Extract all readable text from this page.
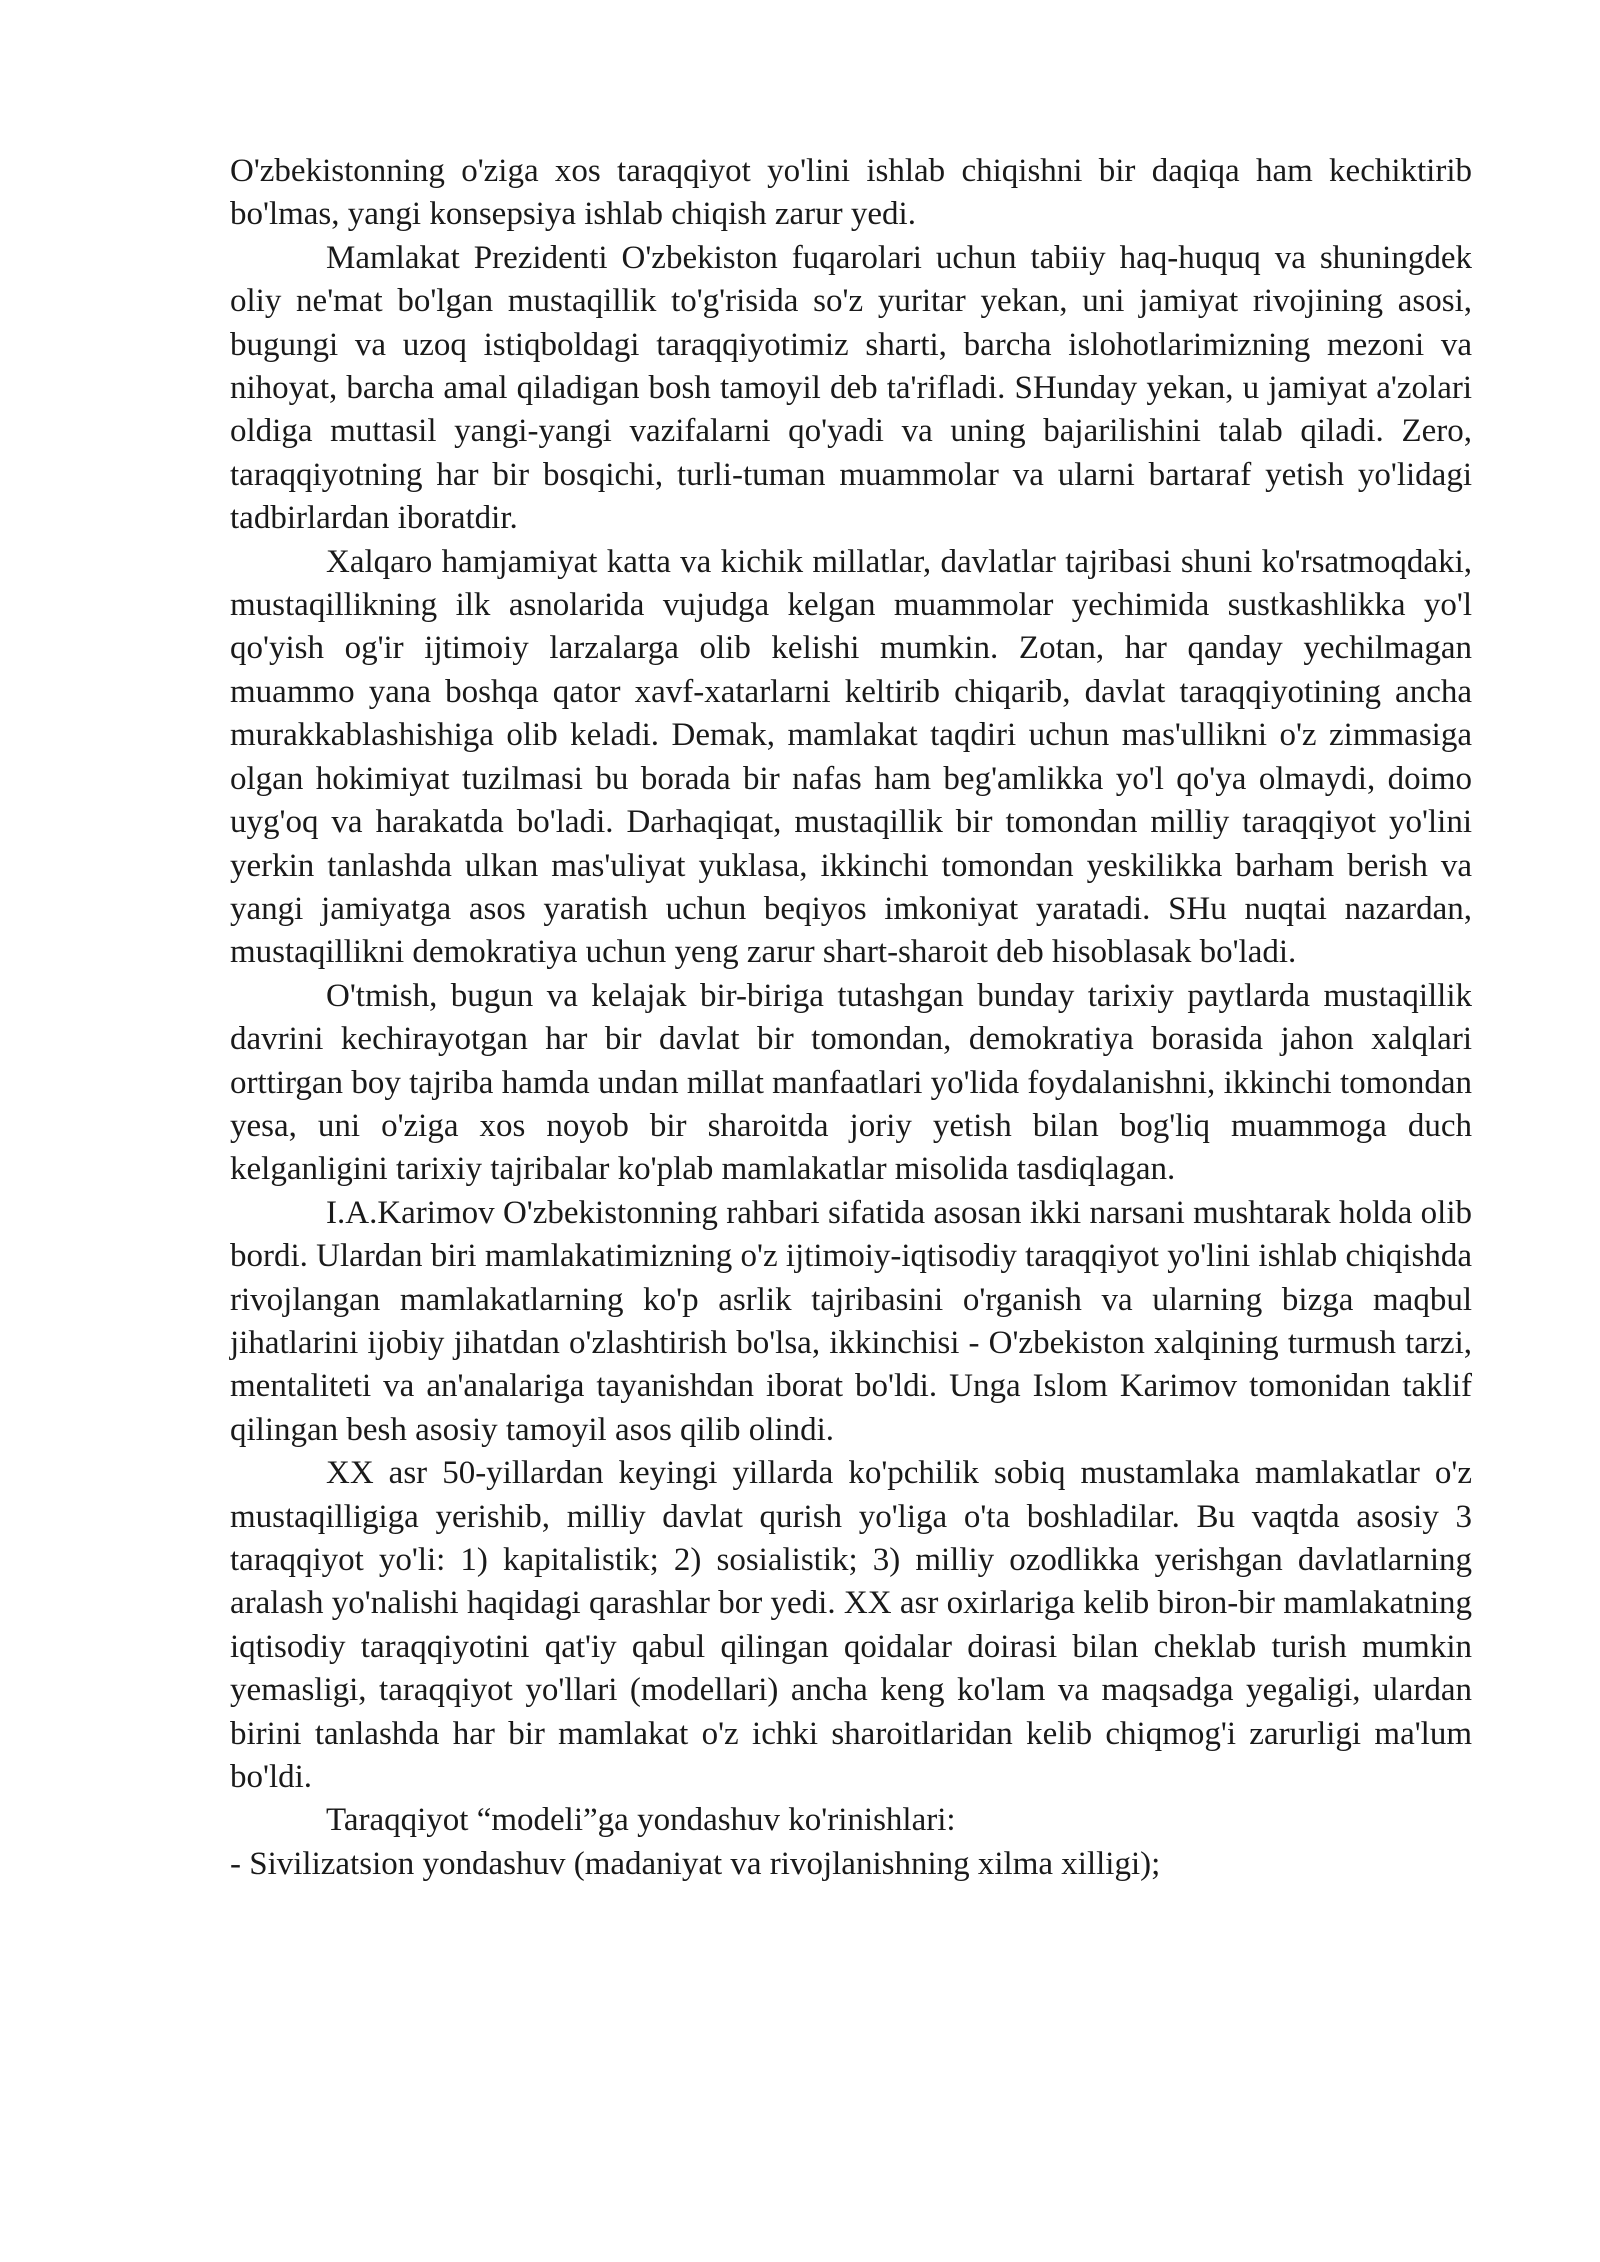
O'zbekistonning o'ziga xos taraqqiyot yo'lini ishlab chiqishni bir daqiqa ham kechiktirib bo'lmas, yangi konsepsiya ishlab chiqish zarur yedi.

Mamlakat Prezidenti O'zbekiston fuqarolari uchun tabiiy haq-huquq va shuningdek oliy ne'mat bo'lgan mustaqillik to'g'risida so'z yuritar yekan, uni jamiyat rivojining asosi, bugungi va uzoq istiqboldagi taraqqiyotimiz sharti, barcha islohotlarimizning mezoni va nihoyat, barcha amal qiladigan bosh tamoyil deb ta'rifladi. SHunday yekan, u jamiyat a'zolari oldiga muttasil yangi-yangi vazifalarni qo'yadi va uning bajarilishini talab qiladi. Zero, taraqqiyotning har bir bosqichi, turli-tuman muammolar va ularni bartaraf yetish yo'lidagi tadbirlardan iboratdir.

Xalqaro hamjamiyat katta va kichik millatlar, davlatlar tajribasi shuni ko'rsatmoqdaki, mustaqillikning ilk asnolarida vujudga kelgan muammolar yechimida sustkashlikka yo'l qo'yish og'ir ijtimoiy larzalarga olib kelishi mumkin. Zotan, har qanday yechilmagan muammo yana boshqa qator xavf-xatarlarni keltirib chiqarib, davlat taraqqiyotining ancha murakkablashishiga olib keladi. Demak, mamlakat taqdiri uchun mas'ullikni o'z zimmasiga olgan hokimiyat tuzilmasi bu borada bir nafas ham beg'amlikka yo'l qo'ya olmaydi, doimo uyg'oq va harakatda bo'ladi. Darhaqiqat, mustaqillik bir tomondan milliy taraqqiyot yo'lini yerkin tanlashda ulkan mas'uliyat yuklasa, ikkinchi tomondan yeskilikka barham berish va yangi jamiyatga asos yaratish uchun beqiyos imkoniyat yaratadi. SHu nuqtai nazardan, mustaqillikni demokratiya uchun yeng zarur shart-sharoit deb hisoblasak bo'ladi.

O'tmish, bugun va kelajak bir-biriga tutashgan bunday tarixiy paytlarda mustaqillik davrini kechirayotgan har bir davlat bir tomondan, demokratiya borasida jahon xalqlari orttirgan boy tajriba hamda undan millat manfaatlari yo'lida foydalanishni, ikkinchi tomondan yesa, uni o'ziga xos noyob bir sharoitda joriy yetish bilan bog'liq muammoga duch kelganligini tarixiy tajribalar ko'plab mamlakatlar misolida tasdiqlagan.

I.A.Karimov O'zbekistonning rahbari sifatida asosan ikki narsani mushtarak holda olib bordi. Ulardan biri mamlakatimizning o'z ijtimoiy-iqtisodiy taraqqiyot yo'lini ishlab chiqishda rivojlangan mamlakatlarning ko'p asrlik tajribasini o'rganish va ularning bizga maqbul jihatlarini ijobiy jihatdan o'zlashtirish bo'lsa, ikkinchisi - O'zbekiston xalqining turmush tarzi, mentaliteti va an'analariga tayanishdan iborat bo'ldi. Unga Islom Karimov tomonidan taklif qilingan besh asosiy tamoyil asos qilib olindi.

XX asr 50-yillardan keyingi yillarda ko'pchilik sobiq mustamlaka mamlakatlar o'z mustaqilligiga yerishib, milliy davlat qurish yo'liga o'ta boshladilar. Bu vaqtda asosiy 3 taraqqiyot yo'li: 1) kapitalistik; 2) sosialistik; 3) milliy ozodlikka yerishgan davlatlarning aralash yo'nalishi haqidagi qarashlar bor yedi. XX asr oxirlariga kelib biron-bir mamlakatning iqtisodiy taraqqiyotini qat'iy qabul qilingan qoidalar doirasi bilan cheklab turish mumkin yemasligi, taraqqiyot yo'llari (modellari) ancha keng ko'lam va maqsadga yegaligi, ulardan birini tanlashda har bir mamlakat o'z ichki sharoitlaridan kelib chiqmog'i zarurligi ma'lum bo'ldi.

Taraqqiyot “modeli”ga yondashuv ko'rinishlari:

- Sivilizatsion yondashuv (madaniyat va rivojlanishning xilma xilligi);
